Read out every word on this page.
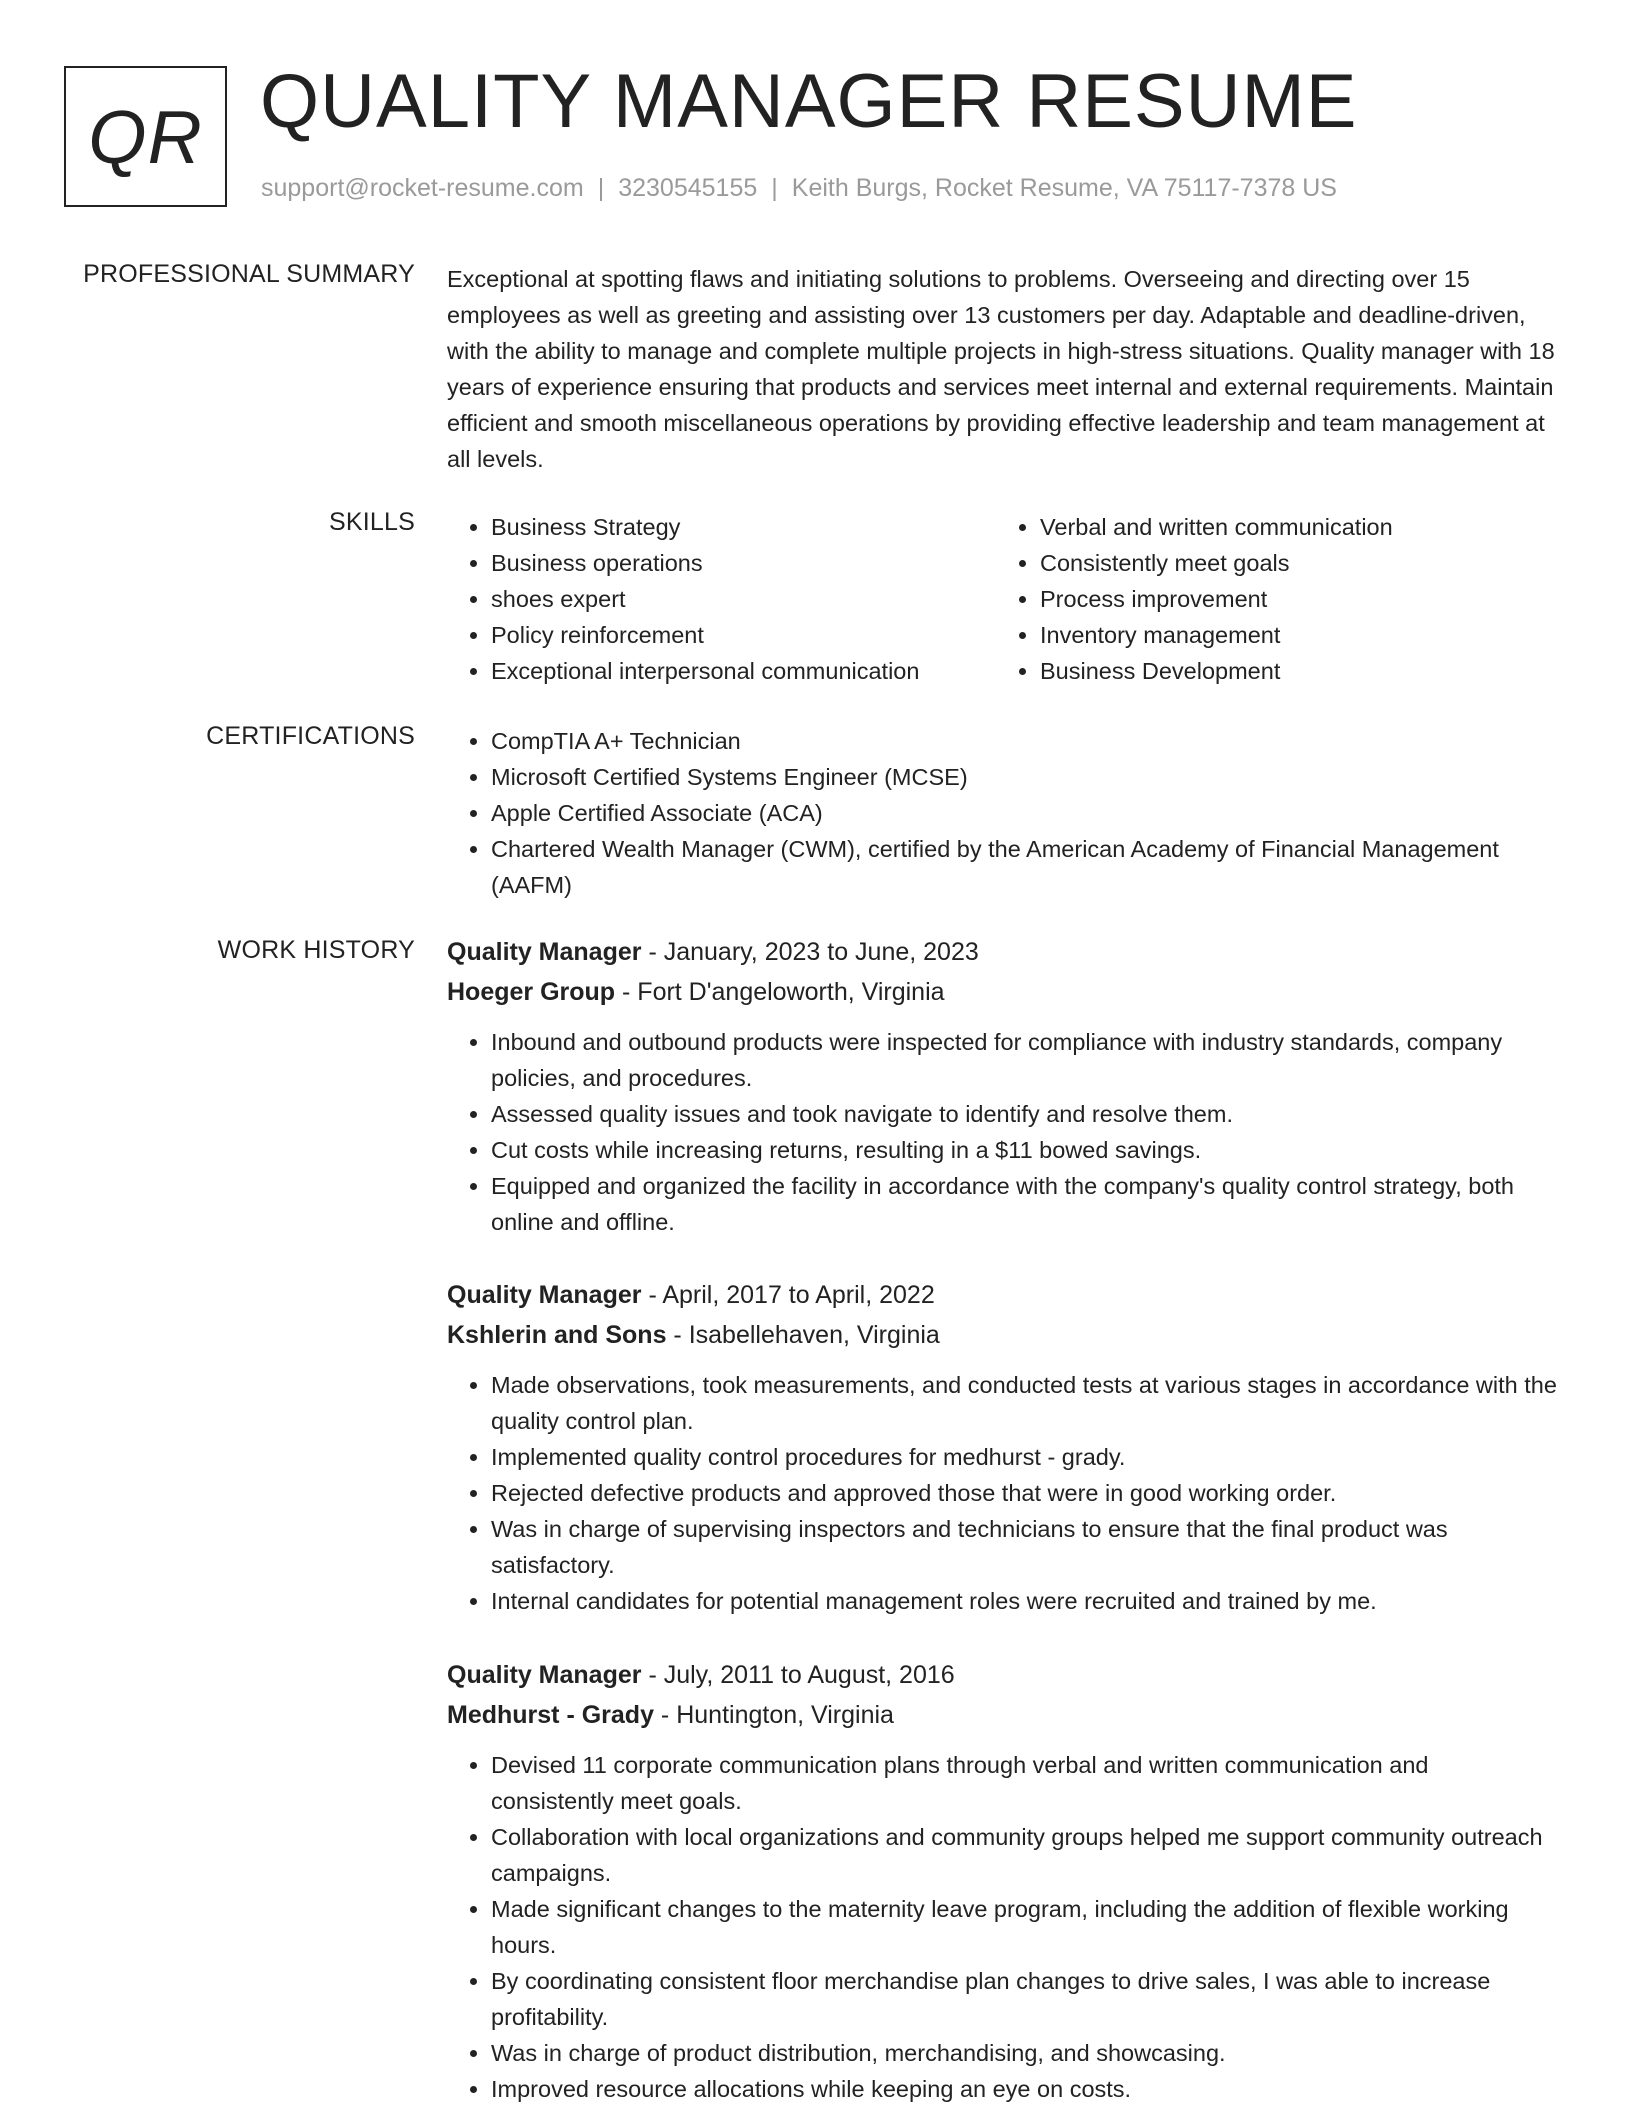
QR QUALITY MANAGER RESUME
support@rocket-resume.com | 3230545155 | Keith Burgs, Rocket Resume, VA 75117-7378 US
PROFESSIONAL SUMMARY Exceptional at spotting flaws and initiating solutions to problems. Overseeing and directing over 15 employees as well as greeting and assisting over 13 customers per day. Adaptable and deadline-driven, with the ability to manage and complete multiple projects in high-stress situations. Quality manager with 18 years of experience ensuring that products and services meet internal and external requirements. Maintain efficient and smooth miscellaneous operations by providing effective leadership and team management at all levels.

SKILLS	• Business Strategy
• Business operations
• shoes expert
• Policy reinforcement
• Exceptional interpersonal communication
• Verbal and written communication
• Consistently meet goals
• Process improvement
• Inventory management
• Business Development
CERTIFICATIONS	• CompTIA A+ Technician
• Microsoft Certified Systems Engineer (MCSE)
• Apple Certified Associate (ACA)
• Chartered Wealth Manager (CWM), certified by the American Academy of Financial Management (AAFM)
WORK HISTORY Quality Manager - January, 2023 to June, 2023
Hoeger Group - Fort D'angeloworth, Virginia
• Inbound and outbound products were inspected for compliance with industry standards, company policies, and procedures.
• Assessed quality issues and took navigate to identify and resolve them.
• Cut costs while increasing returns, resulting in a $11 bowed savings.
• Equipped and organized the facility in accordance with the company's quality control strategy, both online and offline.
Quality Manager - April, 2017 to April, 2022
Kshlerin and Sons - Isabellehaven, Virginia
• Made observations, took measurements, and conducted tests at various stages in accordance with the quality control plan.
• Implemented quality control procedures for medhurst - grady.
• Rejected defective products and approved those that were in good working order.
• Was in charge of supervising inspectors and technicians to ensure that the final product was satisfactory.
• Internal candidates for potential management roles were recruited and trained by me.
Quality Manager - July, 2011 to August, 2016
Medhurst - Grady - Huntington, Virginia
• Devised 11 corporate communication plans through verbal and written communication and consistently meet goals.
• Collaboration with local organizations and community groups helped me support community outreach campaigns.
• Made significant changes to the maternity leave program, including the addition of flexible working hours.
• By coordinating consistent floor merchandise plan changes to drive sales, I was able to increase profitability.
• Was in charge of product distribution, merchandising, and showcasing.
• Improved resource allocations while keeping an eye on costs.
